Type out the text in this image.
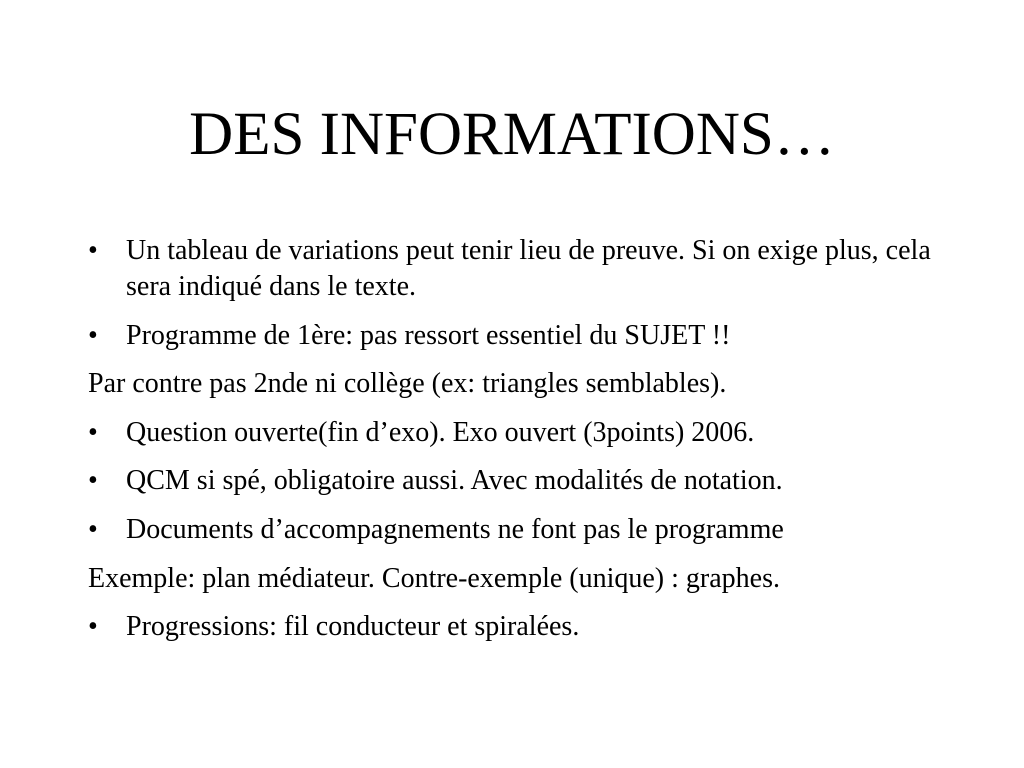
DES INFORMATIONS…
•	Un tableau de variations peut tenir lieu de preuve. Si on exige plus, cela sera indiqué dans le texte.
•	Programme de 1ère: pas ressort essentiel du SUJET !!
Par contre pas 2nde ni collège (ex: triangles semblables).
•	Question ouverte(fin d’exo). Exo ouvert (3points) 2006.
•	QCM si spé, obligatoire aussi. Avec modalités de notation.
•	Documents d’accompagnements ne font pas le programme
Exemple: plan médiateur. Contre-exemple (unique) : graphes.
•	Progressions: fil conducteur et spiralées.
